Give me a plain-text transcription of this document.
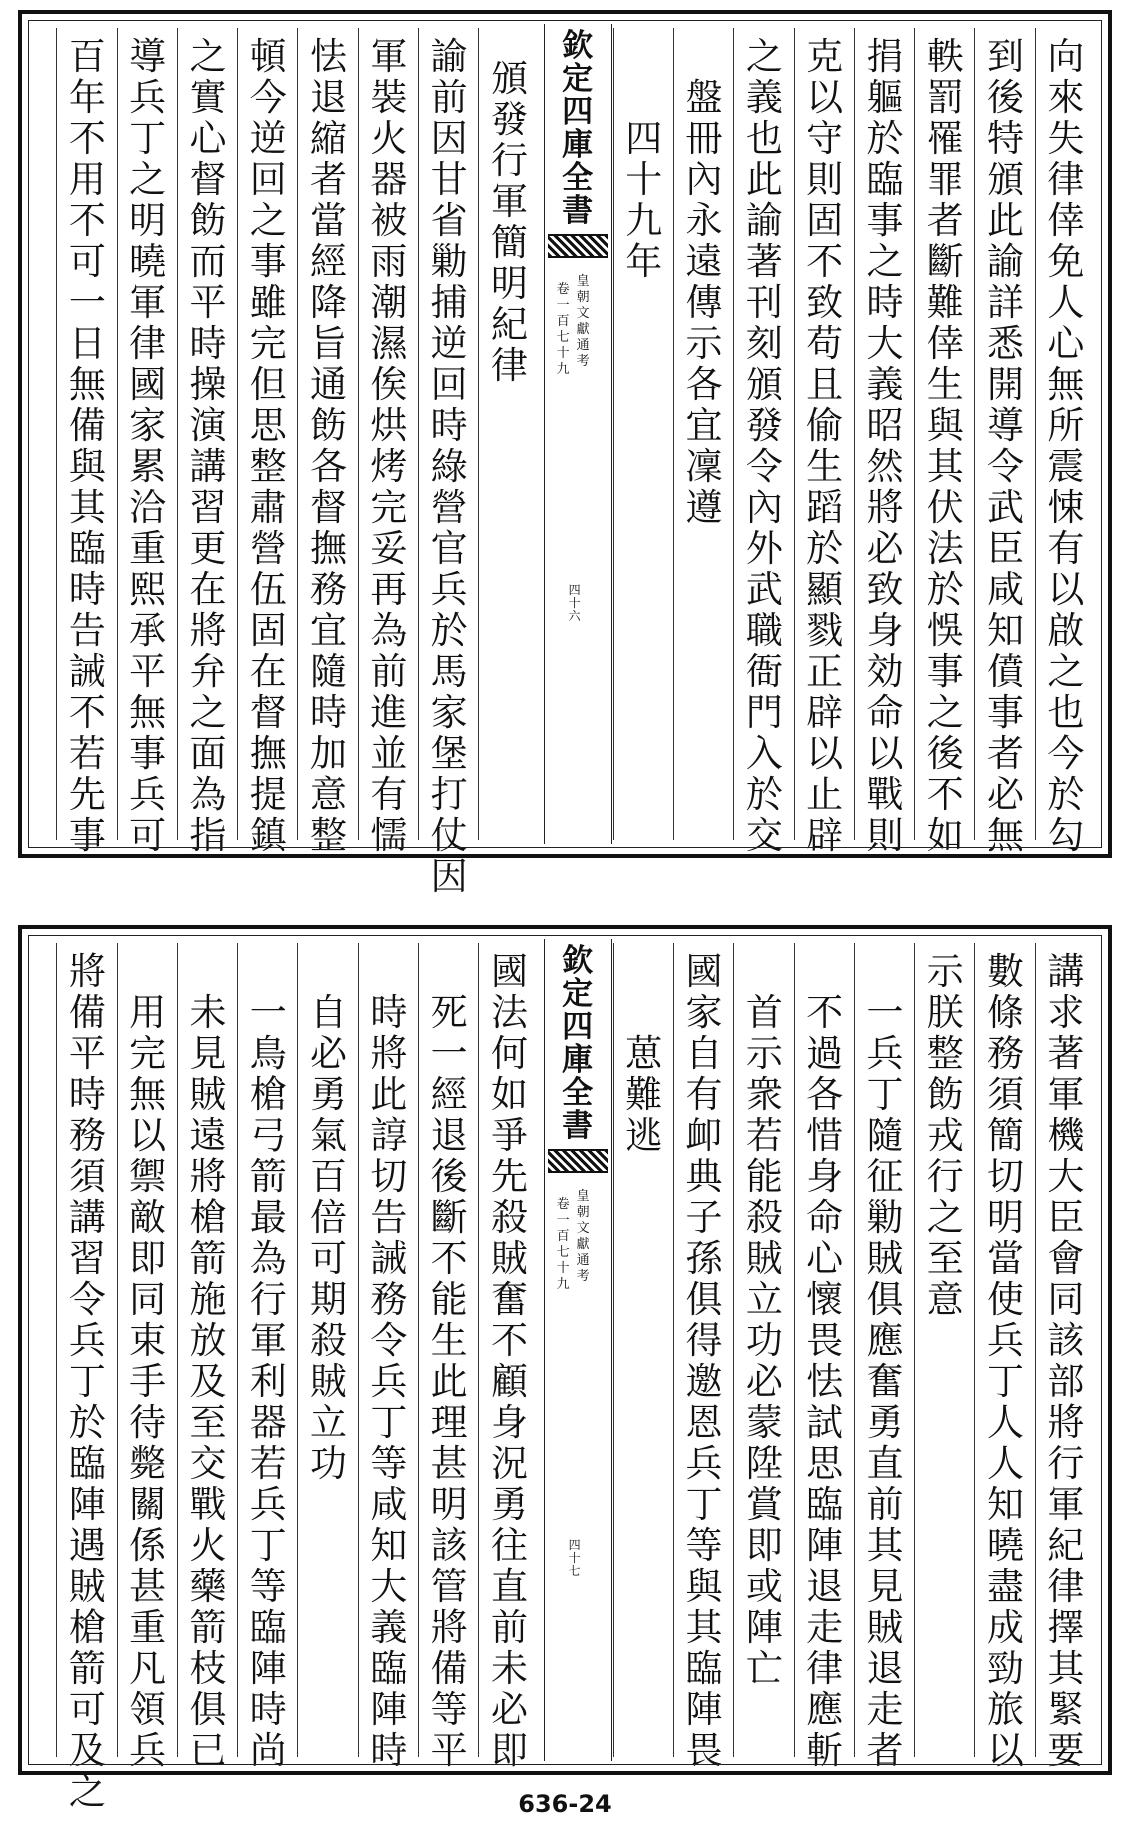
向
來
失
律
倖
免
人
心
無
所
震
悚
有
以
啟
之
也
今
於
勾
到
後
特
頒
此
諭
詳
悉
開
導
令
武
臣
咸
知
僨
事
者
必
無
軼
罰
罹
罪
者
斷
難
倖
生
與
其
伏
法
於
悞
事
之
後
不
如
捐
軀
於
臨
事
之
時
大
義
昭
然
將
必
致
身
効
命
以
戰
則
克
以
守
則
固
不
致
苟
且
偷
生
蹈
於
顯
戮
正
辟
以
止
辟
之
義
也
此
諭
著
刊
刻
頒
發
令
內
外
武
職
衙
門
入
於
交
盤
冊
內
永
遠
傳
示
各
宜
凜
遵
四
十
九
年
頒
發
行
軍
簡
明
紀
律
諭
前
因
甘
省
勦
捕
逆
回
時
綠
營
官
兵
於
馬
家
堡
打
仗
因
軍
裝
火
器
被
雨
潮
濕
俟
烘
烤
完
妥
再
為
前
進
並
有
懦
怯
退
縮
者
當
經
降
旨
通
飭
各
督
撫
務
宜
隨
時
加
意
整
頓
今
逆
回
之
事
雖
完
但
思
整
肅
營
伍
固
在
督
撫
提
鎮
之
實
心
督
飭
而
平
時
操
演
講
習
更
在
將
弁
之
面
為
指
導
兵
丁
之
明
曉
軍
律
國
家
累
洽
重
熙
承
平
無
事
兵
可
百
年
不
用
不
可
一
日
無
備
與
其
臨
時
告
誡
不
若
先
事
欽
定
四
庫
全
書
皇
朝
文
獻
通
考
卷
一
百
七
十
九
四
十
六
講
求
著
軍
機
大
臣
會
同
該
部
將
行
軍
紀
律
擇
其
緊
要
數
條
務
須
簡
切
明
當
使
兵
丁
人
人
知
曉
盡
成
勁
旅
以
示
朕
整
飭
戎
行
之
至
意
一
兵
丁
隨
征
勦
賊
俱
應
奮
勇
直
前
其
見
賊
退
走
者
不
過
各
惜
身
命
心
懷
畏
怯
試
思
臨
陣
退
走
律
應
斬
首
示
衆
若
能
殺
賊
立
功
必
蒙
陞
賞
即
或
陣
亡
國
家
自
有
卹
典
子
孫
俱
得
邀
恩
兵
丁
等
與
其
臨
陣
畏
葸
難
逃
國
法
何
如
爭
先
殺
賊
奮
不
顧
身
況
勇
往
直
前
未
必
即
死
一
經
退
後
斷
不
能
生
此
理
甚
明
該
管
將
備
等
平
時
將
此
諄
切
告
誡
務
令
兵
丁
等
咸
知
大
義
臨
陣
時
自
必
勇
氣
百
倍
可
期
殺
賊
立
功
一
鳥
槍
弓
箭
最
為
行
軍
利
器
若
兵
丁
等
臨
陣
時
尚
未
見
賊
遠
將
槍
箭
施
放
及
至
交
戰
火
藥
箭
枝
俱
已
用
完
無
以
禦
敵
即
同
束
手
待
斃
關
係
甚
重
凡
領
兵
將
備
平
時
務
須
講
習
令
兵
丁
於
臨
陣
遇
賊
槍
箭
可
及
之
欽
定
四
庫
全
書
皇
朝
文
獻
通
考
卷
一
百
七
十
九
四
十
七
636-24
